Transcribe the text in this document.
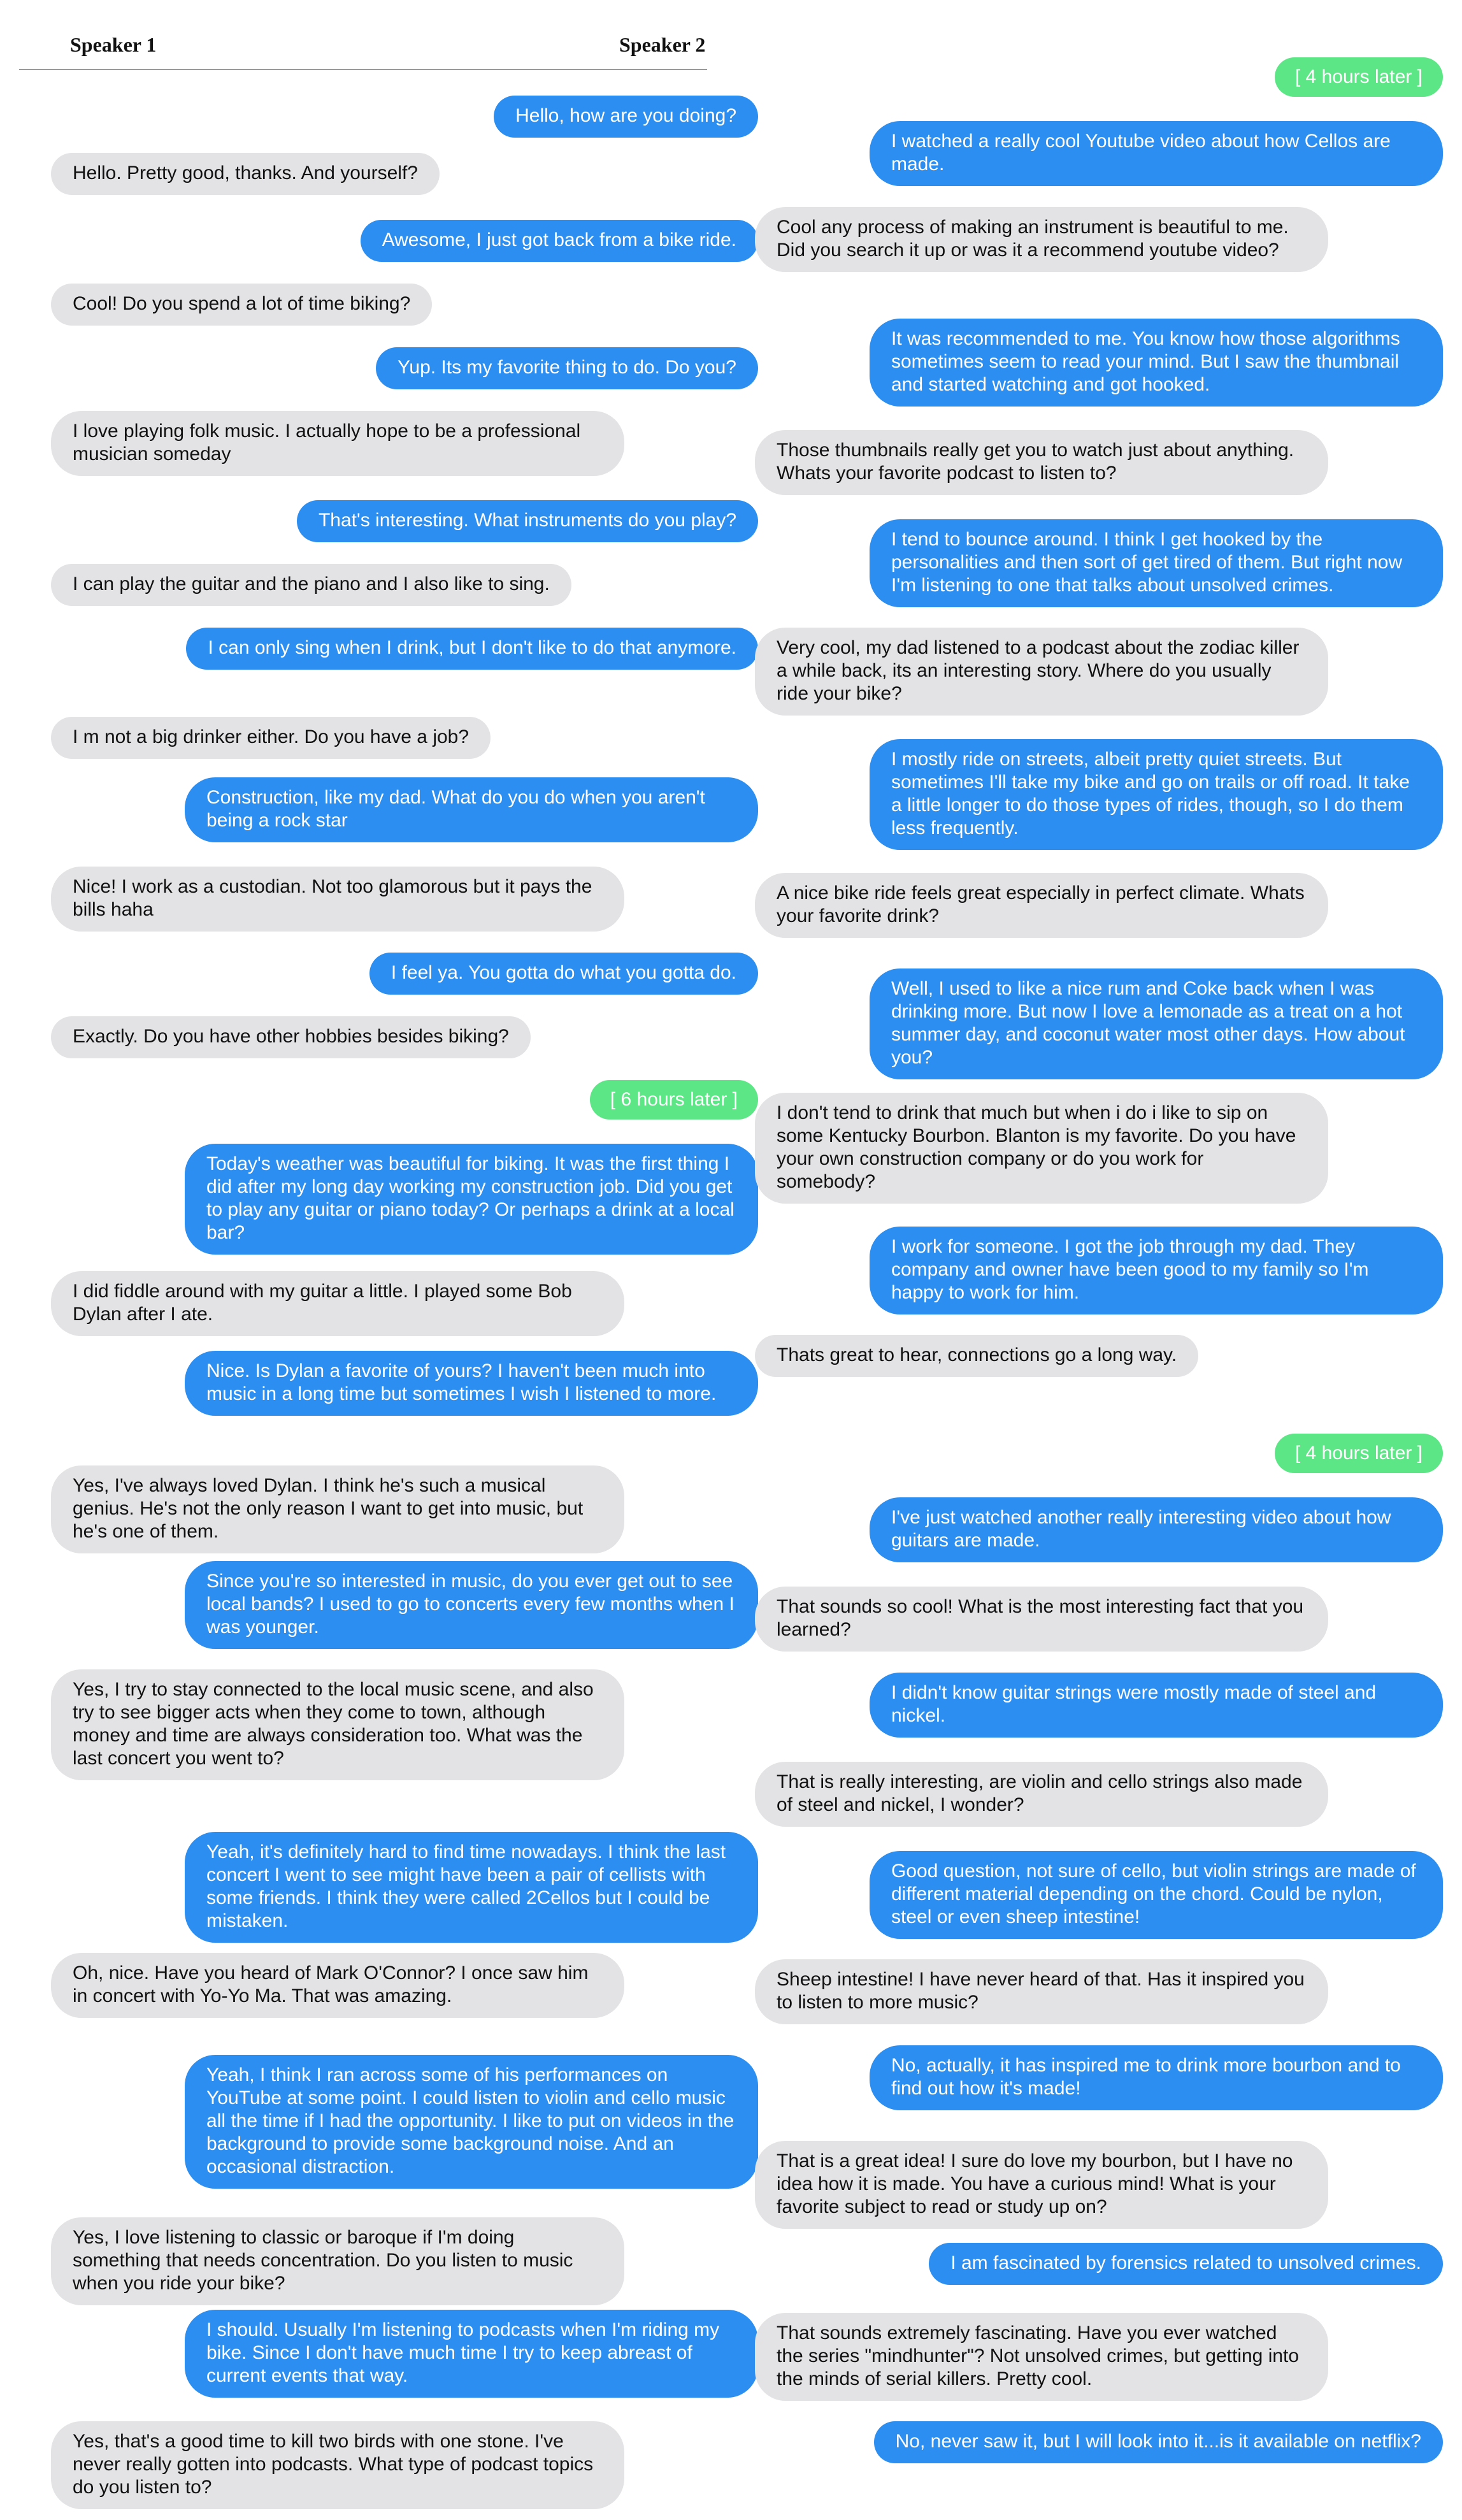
Speaker 1	Speaker 2
Hello, how are you doing?
Hello. Pretty good, thanks. And yourself?
Awesome, I just got back from a bike ride.
Cool! Do you spend a lot of time biking?
Yup. Its my favorite thing to do. Do you?
I love playing folk music. I actually hope to be a professional musician someday
That's interesting. What instruments do you play?
I can play the guitar and the piano and I also like to sing.
I can only sing when I drink, but I don't like to do that anymore.
I m not a big drinker either. Do you have a job?
Construction, like my dad. What do you do when you aren't being a rock star
Nice! I work as a custodian. Not too glamorous but it pays the bills haha
I feel ya. You gotta do what you gotta do.
Exactly. Do you have other hobbies besides biking?
[ 6 hours later ]
Today's weather was beautiful for biking. It was the first thing I did after my long day working my construction job. Did you get to play any guitar or piano today? Or perhaps a drink at a local bar?
I did fiddle around with my guitar a little. I played some Bob Dylan after I ate.
Nice. Is Dylan a favorite of yours? I haven't been much into music in a long time but sometimes I wish I listened to more.
Yes, I've always loved Dylan. I think he's such a musical genius. He's not the only reason I want to get into music, but he's one of them.
Since you're so interested in music, do you ever get out to see local bands? I used to go to concerts every few months when I was younger.
Yes, I try to stay connected to the local music scene, and also try to see bigger acts when they come to town, although money and time are always consideration too. What was the last concert you went to?
Yeah, it's definitely hard to find time nowadays. I think the last concert I went to see might have been a pair of cellists with some friends. I think they were called 2Cellos but I could be mistaken.
Oh, nice. Have you heard of Mark O'Connor? I once saw him in concert with Yo-Yo Ma. That was amazing.
Yeah, I think I ran across some of his performances on YouTube at some point. I could listen to violin and cello music all the time if I had the opportunity. I like to put on videos in the background to provide some background noise. And an occasional distraction.
Yes, I love listening to classic or baroque if I'm doing something that needs concentration. Do you listen to music when you ride your bike?
I should. Usually I'm listening to podcasts when I'm riding my bike. Since I don't have much time I try to keep abreast of current events that way.
Yes, that's a good time to kill two birds with one stone. I've never really gotten into podcasts. What type of podcast topics do you listen to?
[ 4 hours later ]
I watched a really cool Youtube video about how Cellos are made.
Cool any process of making an instrument is beautiful to me. Did you search it up or was it a recommend youtube video?
It was recommended to me. You know how those algorithms sometimes seem to read your mind. But I saw the thumbnail and started watching and got hooked.
Those thumbnails really get you to watch just about anything. Whats your favorite podcast to listen to?
I tend to bounce around. I think I get hooked by the personalities and then sort of get tired of them. But right now I'm listening to one that talks about unsolved crimes.
Very cool, my dad listened to a podcast about the zodiac killer a while back, its an interesting story. Where do you usually ride your bike?
I mostly ride on streets, albeit pretty quiet streets. But sometimes I'll take my bike and go on trails or off road. It take a little longer to do those types of rides, though, so I do them less frequently.
A nice bike ride feels great especially in perfect climate. Whats your favorite drink?
Well, I used to like a nice rum and Coke back when I was drinking more. But now I love a lemonade as a treat on a hot summer day, and coconut water most other days. How about you?
I don't tend to drink that much but when i do i like to sip on some Kentucky Bourbon. Blanton is my favorite. Do you have your own construction company or do you work for somebody?
I work for someone. I got the job through my dad. They company and owner have been good to my family so I'm happy to work for him.
Thats great to hear, connections go a long way.
[ 4 hours later ]
I've just watched another really interesting video about how guitars are made.
That sounds so cool! What is the most interesting fact that you learned?
I didn't know guitar strings were mostly made of steel and nickel.
That is really interesting, are violin and cello strings also made of steel and nickel, I wonder?
Good question, not sure of cello, but violin strings are made of different material depending on the chord. Could be nylon, steel or even sheep intestine!
Sheep intestine! I have never heard of that. Has it inspired you to listen to more music?
No, actually, it has inspired me to drink more bourbon and to find out how it's made!
That is a great idea! I sure do love my bourbon, but I have no idea how it is made. You have a curious mind! What is your favorite subject to read or study up on?
I am fascinated by forensics related to unsolved crimes.
That sounds extremely fascinating. Have you ever watched the series "mindhunter"? Not unsolved crimes, but getting into the minds of serial killers. Pretty cool.
No, never saw it, but I will look into it...is it available on netflix?
